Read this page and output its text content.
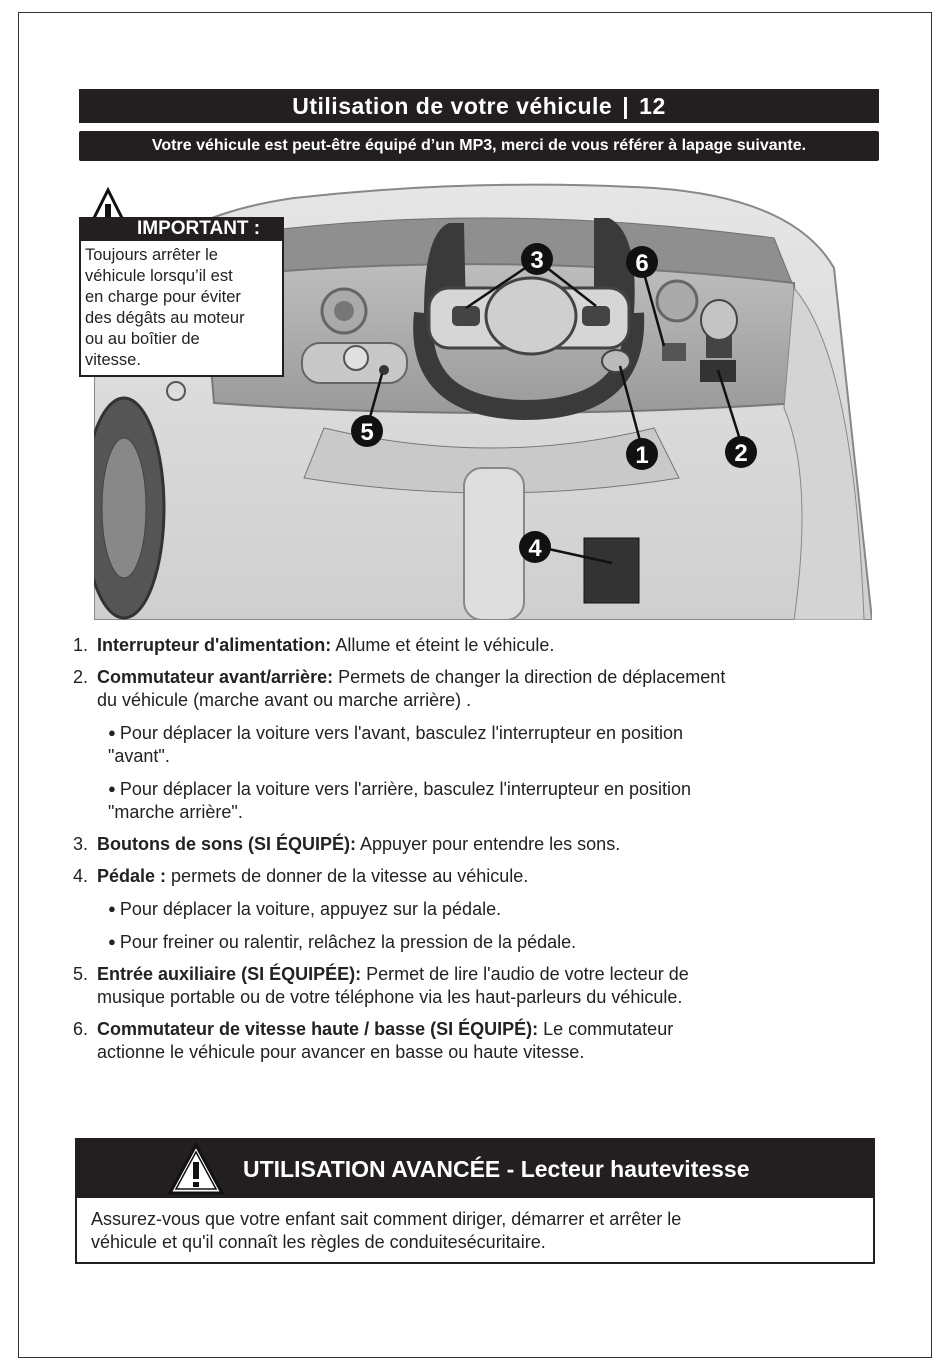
Utilisation de votre véhicule | 12
Votre véhicule est peut-être équipé d’un MP3, merci de vous référer à lapage suivante.
3	6
5
1	2
4
IMPORTANT :
Toujours arrêter le
véhicule lorsqu’il est
en charge pour éviter
des dégâts au moteur
ou au boîtier de
vitesse.
1. Interrupteur d'alimentation: Allume et éteint le véhicule.
2. Commutateur avant/arrière: Permets de changer la direction de déplacement
du véhicule (marche avant ou marche arrière) .
● Pour déplacer la voiture vers l'avant, basculez l'interrupteur en position
"avant".
● Pour déplacer la voiture vers l'arrière, basculez l'interrupteur en position
"marche arrière".
3. Boutons de sons (SI ÉQUIPÉ): Appuyer pour entendre les sons.
4. Pédale : permets de donner de la vitesse au véhicule.
● Pour déplacer la voiture, appuyez sur la pédale.
● Pour freiner ou ralentir, relâchez la pression de la pédale.
5. Entrée auxiliaire (SI ÉQUIPÉE): Permet de lire l'audio de votre lecteur de
musique portable ou de votre téléphone via les haut-parleurs du véhicule.
6. Commutateur de vitesse haute / basse (SI ÉQUIPÉ): Le commutateur
actionne le véhicule pour avancer en basse ou haute vitesse.
UTILISATION AVANCÉE - Lecteur hautevitesse
Assurez-vous que votre enfant sait comment diriger, démarrer et arrêter le
véhicule et qu'il connaît les règles de conduitesécuritaire.
